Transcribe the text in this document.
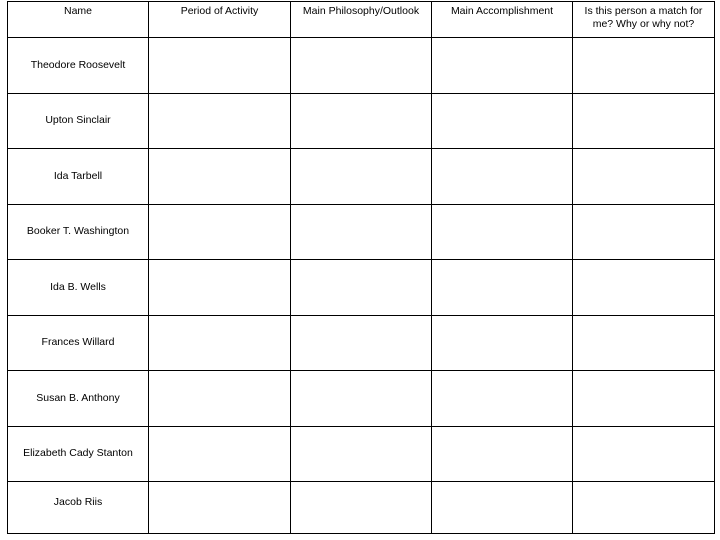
Name	Period of Activity	Main Philosophy/Outlook	Main Accomplishment	Is this person a match for me? Why or why not?
Theodore Roosevelt				
Upton Sinclair				
Ida Tarbell				
Booker T. Washington				
Ida B. Wells				
Frances Willard				
Susan B. Anthony				
Elizabeth Cady Stanton				
Jacob Riis				
